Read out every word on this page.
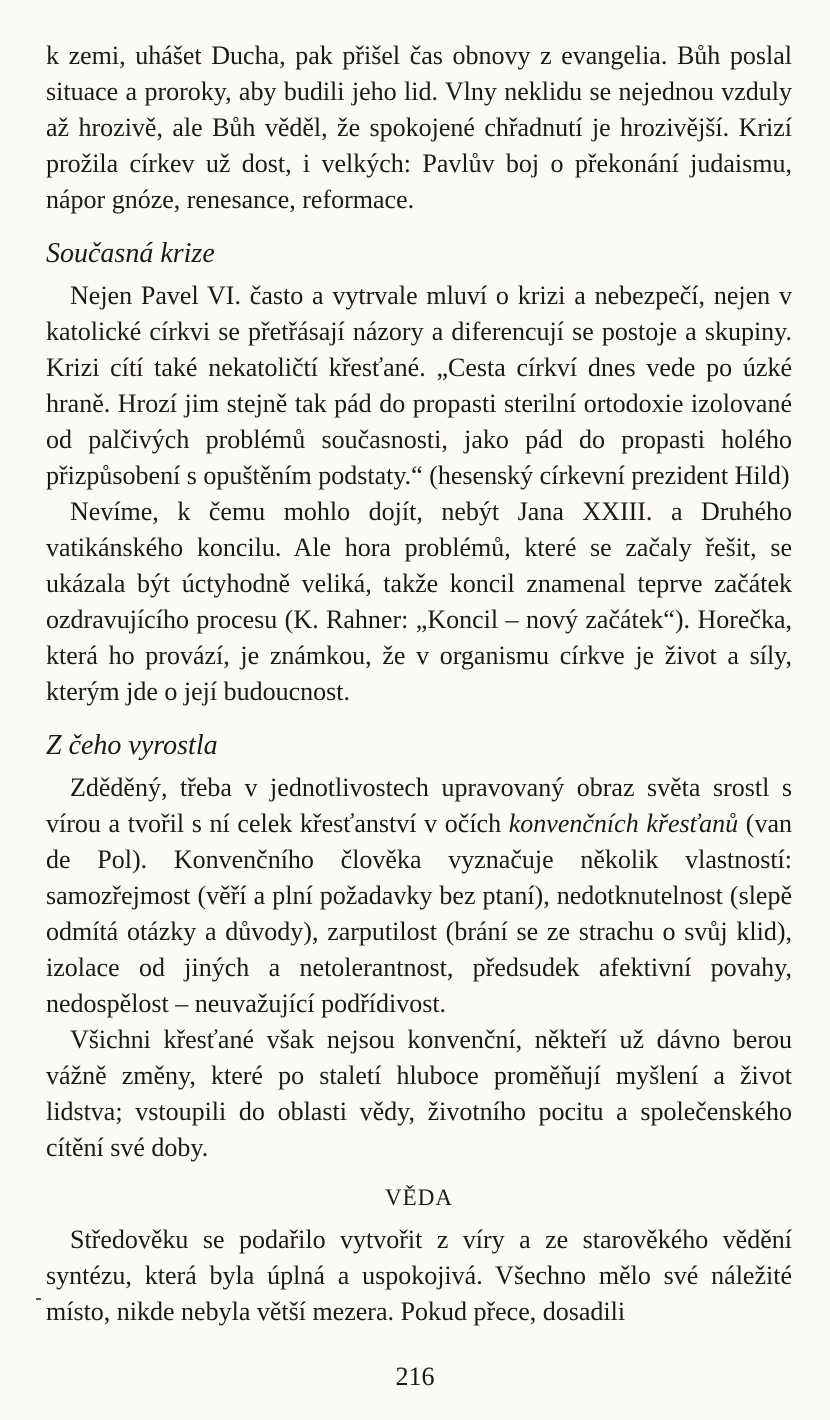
k zemi, uhášet Ducha, pak přišel čas obnovy z evangelia. Bůh poslal situace a proroky, aby budili jeho lid. Vlny neklidu se nejednou vzduly až hrozivě, ale Bůh věděl, že spokojené chřadnutí je hrozivější. Krizí prožila církev už dost, i velkých: Pavlův boj o překonání judaismu, nápor gnóze, renesance, reformace.

Současná krize

Nejen Pavel VI. často a vytrvale mluví o krizi a nebezpečí, nejen v katolické církvi se přetřásají názory a diferencují se postoje a skupiny. Krizi cítí také nekatoličtí křesťané. „Cesta církví dnes vede po úzké hraně. Hrozí jim stejně tak pád do propasti sterilní ortodoxie izolované od palčivých problémů současnosti, jako pád do propasti holého přizpůsobení s opuštěním podstaty.“ (hesenský církevní prezident Hild)

Nevíme, k čemu mohlo dojít, nebýt Jana XXIII. a Druhého vatikánského koncilu. Ale hora problémů, které se začaly řešit, se ukázala být úctyhodně veliká, takže koncil znamenal teprve začátek ozdravujícího procesu (K. Rahner: „Koncil – nový začátek“). Horečka, která ho provází, je známkou, že v organismu církve je život a síly, kterým jde o její budoucnost.

Z čeho vyrostla

Zděděný, třeba v jednotlivostech upravovaný obraz světa srostl s vírou a tvořil s ní celek křesťanství v očích konvenčních křesťanů (van de Pol). Konvenčního člověka vyznačuje několik vlastností: samozřejmost (věří a plní požadavky bez ptaní), nedotknutelnost (slepě odmítá otázky a důvody), zarputilost (brání se ze strachu o svůj klid), izolace od jiných a netolerantnost, předsudek afektivní povahy, nedospělost – neuvažující podřídivost.

Všichni křesťané však nejsou konvenční, někteří už dávno berou vážně změny, které po staletí hluboce proměňují myšlení a život lidstva; vstoupili do oblasti vědy, životního pocitu a společenského cítění své doby.

VĚDA

Středověku se podařilo vytvořit z víry a ze starověkého vědění syntézu, která byla úplná a uspokojivá. Všechno mělo své náležité místo, nikde nebyla větší mezera. Pokud přece, dosadili

216
